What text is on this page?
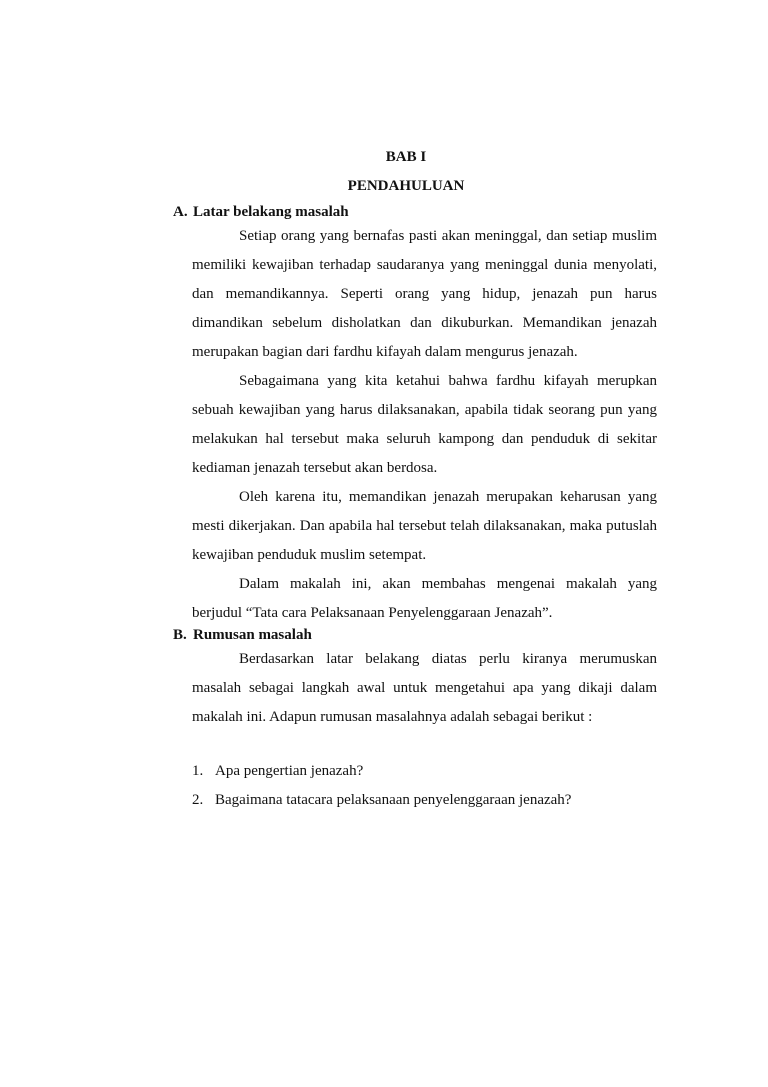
BAB I
PENDAHULUAN
A. Latar belakang masalah

Setiap orang yang bernafas pasti akan meninggal, dan setiap muslim memiliki kewajiban terhadap saudaranya yang meninggal dunia menyolati, dan memandikannya. Seperti orang yang hidup, jenazah pun harus dimandikan sebelum disholatkan dan dikuburkan. Memandikan jenazah merupakan bagian dari fardhu kifayah dalam mengurus jenazah.

Sebagaimana yang kita ketahui bahwa fardhu kifayah merupkan sebuah kewajiban yang harus dilaksanakan, apabila tidak seorang pun yang melakukan hal tersebut maka seluruh kampong dan penduduk di sekitar kediaman jenazah tersebut akan berdosa.

Oleh karena itu, memandikan jenazah merupakan keharusan yang mesti dikerjakan. Dan apabila hal tersebut telah dilaksanakan, maka putuslah kewajiban penduduk muslim setempat.

Dalam makalah ini, akan membahas mengenai makalah yang berjudul “Tata cara Pelaksanaan Penyelenggaraan Jenazah”.

B. Rumusan masalah

Berdasarkan latar belakang diatas perlu kiranya merumuskan masalah sebagai langkah awal untuk mengetahui apa yang dikaji dalam makalah ini. Adapun rumusan masalahnya adalah sebagai berikut :

1. Apa pengertian jenazah?
2. Bagaimana tatacara pelaksanaan penyelenggaraan jenazah?
